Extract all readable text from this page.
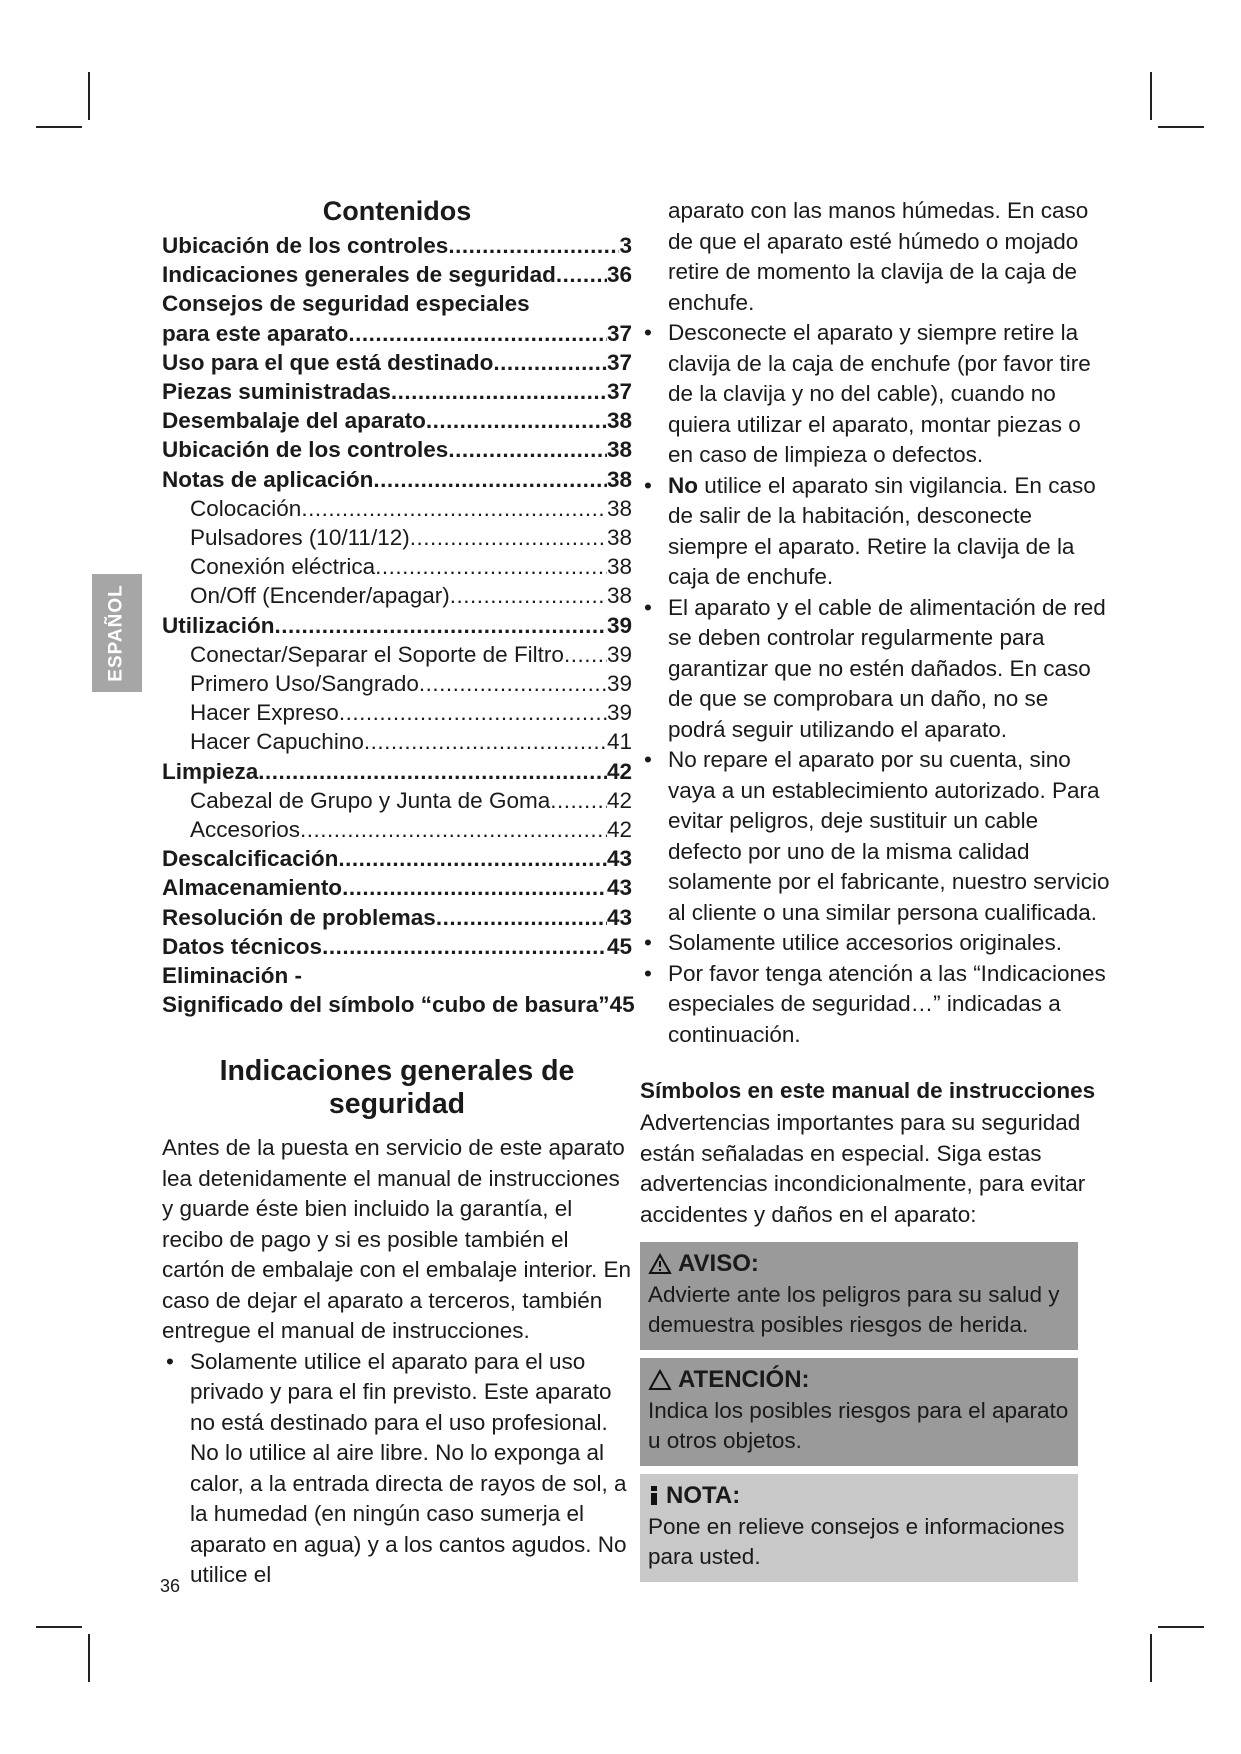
ESPAÑOL
Contenidos
Ubicación de los controles .....	3
Indicaciones generales de seguridad ..... 36
Consejos de seguridad especiales
para este aparato .....	37
Uso para el que está destinado .....	37
Piezas suministradas .....	37
Desembalaje del aparato .....	38
Ubicación de los controles .....	38
Notas de aplicación .....	38
Colocación .....	38
Pulsadores (10/11/12) .....	38
Conexión eléctrica .....	38
On/Off (Encender/apagar) .....	38
Utilización .....	39
Conectar/Separar el Soporte de Filtro ..... 39
Primero Uso/Sangrado .....	39
Hacer Expreso .....	39
Hacer Capuchino .....	41
Limpieza .....	42
Cabezal de Grupo y Junta de Goma .....	42
Accesorios .....	42
Descalcificación .....	43
Almacenamiento .....	43
Resolución de problemas .....	43
Datos técnicos .....	45
Eliminación -
Significado del símbolo “cubo de basura” 45
Indicaciones generales de seguridad

Antes de la puesta en servicio de este aparato lea detenidamente el manual de instrucciones y guarde éste bien incluido la garantía, el recibo de pago y si es posible también el cartón de embalaje con el embalaje interior. En caso de dejar el aparato a terceros, también entregue el manual de instrucciones.

• Solamente utilice el aparato para el uso privado y para el fin previsto. Este aparato no está destinado para el uso profesional.
No lo utilice al aire libre. No lo exponga al calor, a la entrada directa de rayos de sol, a la humedad (en ningún caso sumerja el aparato en agua) y a los cantos agudos. No utilice el

aparato con las manos húmedas. En caso de que el aparato esté húmedo o mojado retire de momento la clavija de la caja de enchufe.

• Desconecte el aparato y siempre retire la clavija de la caja de enchufe (por favor tire de la clavija y no del cable), cuando no quiera utilizar el aparato, montar piezas o en caso de limpieza o defectos.
• No utilice el aparato sin vigilancia. En caso de salir de la habitación, desconecte siempre el aparato. Retire la clavija de la caja de enchufe.
• El aparato y el cable de alimentación de red se deben controlar regularmente para garantizar que no estén dañados. En caso de que se comprobara un daño, no se podrá seguir utilizando el aparato.
• No repare el aparato por su cuenta, sino vaya a un establecimiento autorizado. Para evitar peligros, deje sustituir un cable defecto por uno de la misma calidad solamente por el fabricante, nuestro servicio al cliente o una similar persona cualificada.
• Solamente utilice accesorios originales.
• Por favor tenga atención a las “Indicaciones especiales de seguridad…” indicadas a continuación.
Símbolos en este manual de instrucciones

Advertencias importantes para su seguridad están señaladas en especial. Siga estas advertencias incondicionalmente, para evitar accidentes y daños en el aparato:

AVISO:
Advierte ante los peligros para su salud y demuestra posibles riesgos de herida.
ATENCIÓN:
Indica los posibles riesgos para el aparato u otros objetos.
NOTA:
Pone en relieve consejos e informaciones para usted.
36
